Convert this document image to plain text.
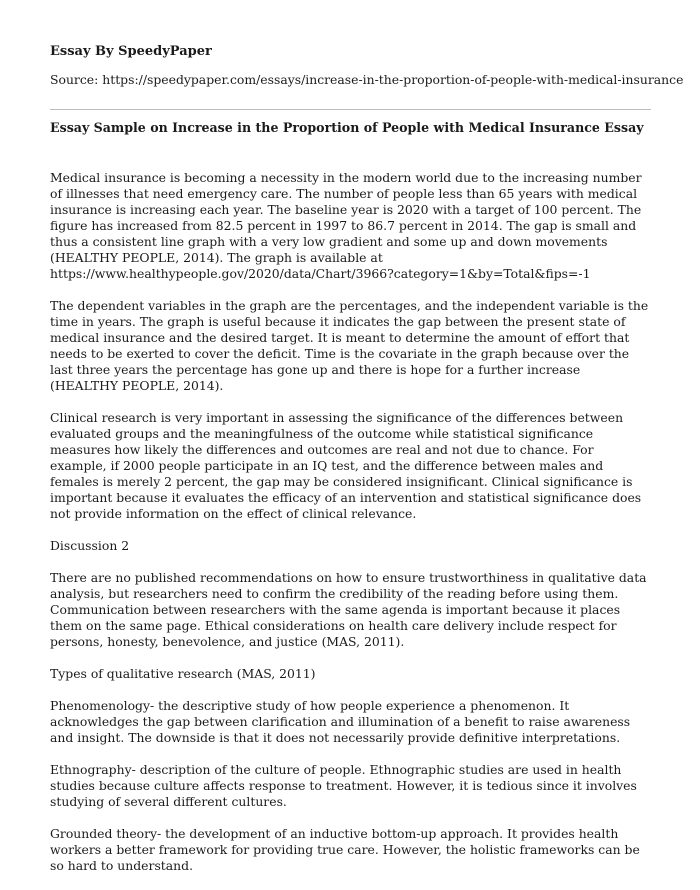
Essay By SpeedyPaper

Source: https://speedypaper.com/essays/increase-in-the-proportion-of-people-with-medical-insurance

Essay Sample on Increase in the Proportion of People with Medical Insurance Essay

Medical insurance is becoming a necessity in the modern world due to the increasing number of illnesses that need emergency care. The number of people less than 65 years with medical insurance is increasing each year. The baseline year is 2020 with a target of 100 percent. The figure has increased from 82.5 percent in 1997 to 86.7 percent in 2014. The gap is small and thus a consistent line graph with a very low gradient and some up and down movements (HEALTHY PEOPLE, 2014). The graph is available at https://www.healthypeople.gov/2020/data/Chart/3966?category=1&by=Total&fips=-1

The dependent variables in the graph are the percentages, and the independent variable is the time in years. The graph is useful because it indicates the gap between the present state of medical insurance and the desired target. It is meant to determine the amount of effort that needs to be exerted to cover the deficit. Time is the covariate in the graph because over the last three years the percentage has gone up and there is hope for a further increase (HEALTHY PEOPLE, 2014).

Clinical research is very important in assessing the significance of the differences between evaluated groups and the meaningfulness of the outcome while statistical significance measures how likely the differences and outcomes are real and not due to chance. For example, if 2000 people participate in an IQ test, and the difference between males and females is merely 2 percent, the gap may be considered insignificant. Clinical significance is important because it evaluates the efficacy of an intervention and statistical significance does not provide information on the effect of clinical relevance.

Discussion 2

There are no published recommendations on how to ensure trustworthiness in qualitative data analysis, but researchers need to confirm the credibility of the reading before using them. Communication between researchers with the same agenda is important because it places them on the same page. Ethical considerations on health care delivery include respect for persons, honesty, benevolence, and justice (MAS, 2011).

Types of qualitative research (MAS, 2011)

Phenomenology- the descriptive study of how people experience a phenomenon. It acknowledges the gap between clarification and illumination of a benefit to raise awareness and insight. The downside is that it does not necessarily provide definitive interpretations.

Ethnography- description of the culture of people. Ethnographic studies are used in health studies because culture affects response to treatment. However, it is tedious since it involves studying of several different cultures.

Grounded theory- the development of an inductive bottom-up approach. It provides health workers a better framework for providing true care. However, the holistic frameworks can be so hard to understand.
